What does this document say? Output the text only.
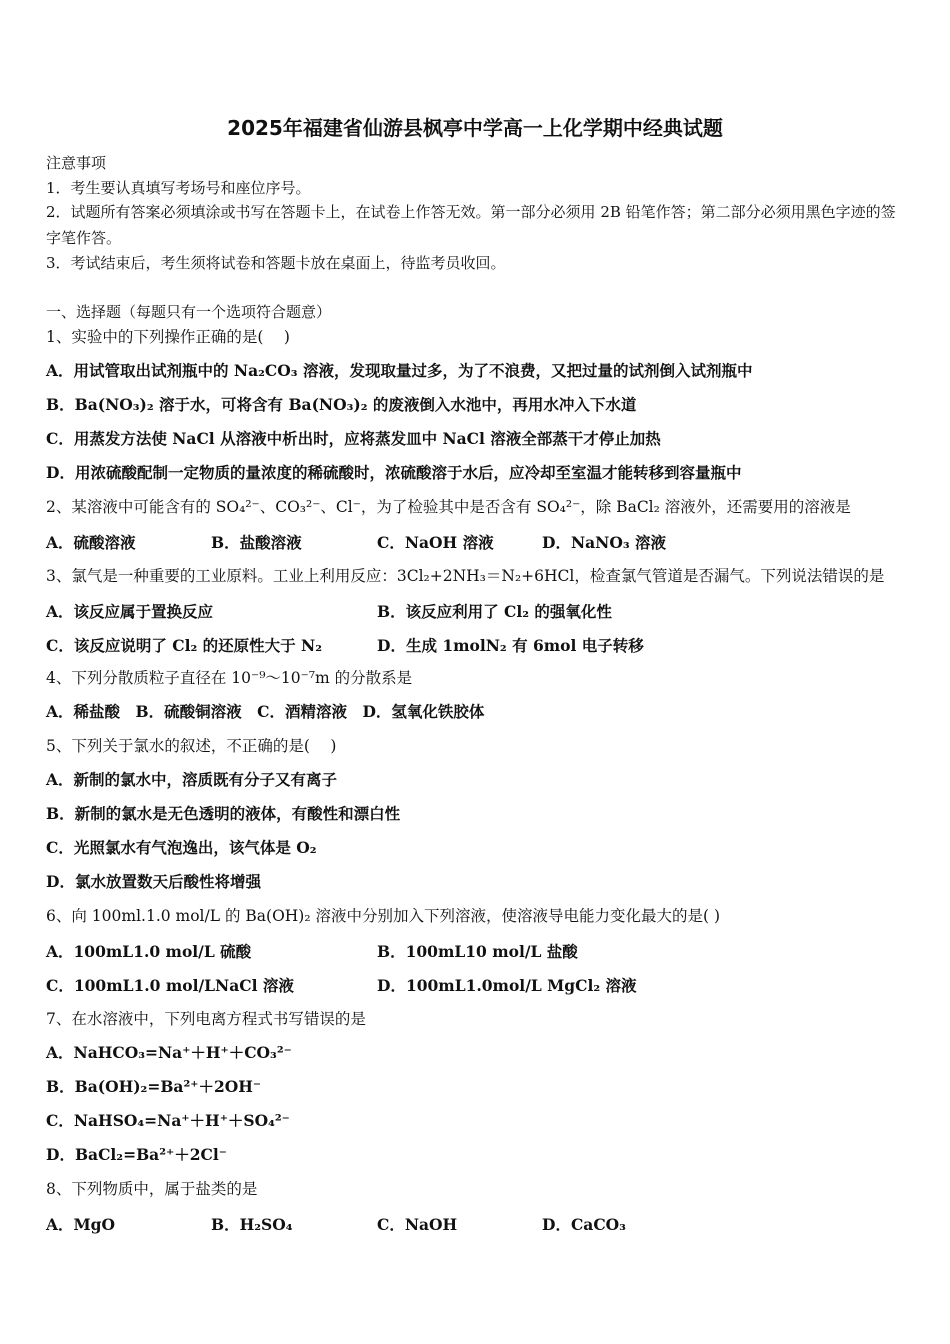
2025年福建省仙游县枫亭中学高一上化学期中经典试题
注意事项
1．考生要认真填写考场号和座位序号。
2．试题所有答案必须填涂或书写在答题卡上，在试卷上作答无效。第一部分必须用 2B 铅笔作答；第二部分必须用黑色字迹的签字笔作答。
3．考试结束后，考生须将试卷和答题卡放在桌面上，待监考员收回。
一、选择题（每题只有一个选项符合题意）
1、实验中的下列操作正确的是(　 )
A．用试管取出试剂瓶中的 Na₂CO₃ 溶液，发现取量过多，为了不浪费，又把过量的试剂倒入试剂瓶中
B．Ba(NO₃)₂ 溶于水，可将含有 Ba(NO₃)₂ 的废液倒入水池中，再用水冲入下水道
C．用蒸发方法使 NaCl 从溶液中析出时，应将蒸发皿中 NaCl 溶液全部蒸干才停止加热
D．用浓硫酸配制一定物质的量浓度的稀硫酸时，浓硫酸溶于水后，应冷却至室温才能转移到容量瓶中
2、某溶液中可能含有的 SO₄²⁻、CO₃²⁻、Cl⁻，为了检验其中是否含有 SO₄²⁻，除 BaCl₂ 溶液外，还需要用的溶液是
A．硫酸溶液	B．盐酸溶液	C．NaOH 溶液	D．NaNO₃ 溶液
3、氯气是一种重要的工业原料。工业上利用反应：3Cl₂+2NH₃＝N₂+6HCl，检查氯气管道是否漏气。下列说法错误的是
A．该反应属于置换反应	B．该反应利用了 Cl₂ 的强氧化性
C．该反应说明了 Cl₂ 的还原性大于 N₂	D．生成 1molN₂ 有 6mol 电子转移
4、下列分散质粒子直径在 10⁻⁹～10⁻⁷m 的分散系是
A．稀盐酸　B．硫酸铜溶液　C．酒精溶液　D．氢氧化铁胶体
5、下列关于氯水的叙述，不正确的是(　 )
A．新制的氯水中，溶质既有分子又有离子
B．新制的氯水是无色透明的液体，有酸性和漂白性
C．光照氯水有气泡逸出，该气体是 O₂
D．氯水放置数天后酸性将增强
6、向 100ml.1.0 mol/L 的 Ba(OH)₂ 溶液中分别加入下列溶液，使溶液导电能力变化最大的是( )
A．100mL1.0 mol/L 硫酸	B．100mL10 mol/L 盐酸
C．100mL1.0 mol/LNaCl 溶液	D．100mL1.0mol/L MgCl₂ 溶液
7、在水溶液中，下列电离方程式书写错误的是
A．NaHCO₃=Na⁺＋H⁺＋CO₃²⁻
B．Ba(OH)₂=Ba²⁺＋2OH⁻
C．NaHSO₄=Na⁺＋H⁺＋SO₄²⁻
D．BaCl₂=Ba²⁺＋2Cl⁻
8、下列物质中，属于盐类的是
A．MgO	B．H₂SO₄	C．NaOH	D．CaCO₃
